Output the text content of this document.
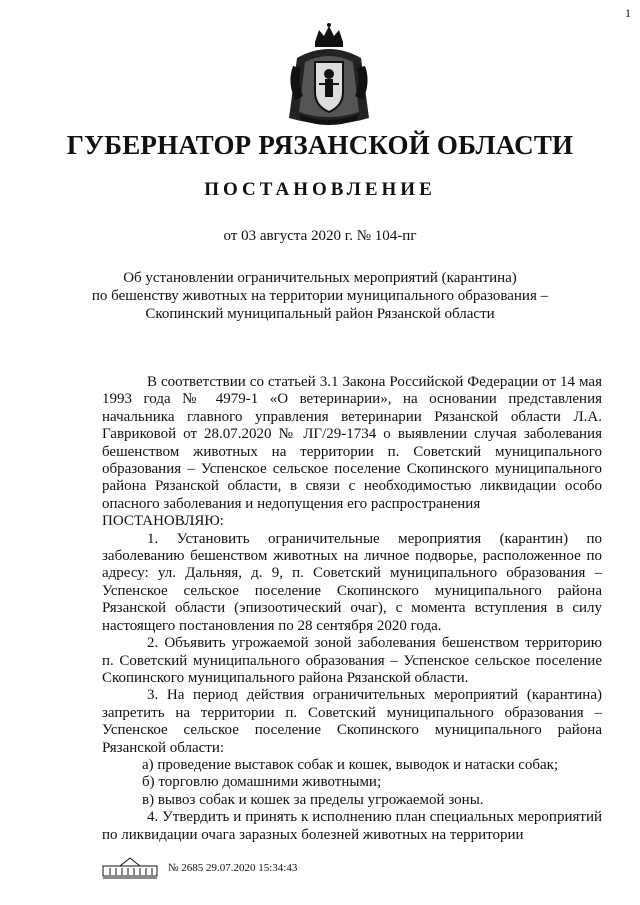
1
ГУБЕРНАТОР РЯЗАНСКОЙ ОБЛАСТИ
ПОСТАНОВЛЕНИЕ
от 03 августа 2020 г. № 104-пг
Об установлении ограничительных мероприятий (карантина)
по бешенству животных на территории муниципального образования –
Скопинский муниципальный район Рязанской области
В соответствии со статьей 3.1 Закона Российской Федерации от 14 мая 1993 года № 4979-1 «О ветеринарии», на основании представления начальника главного управления ветеринарии Рязанской области Л.А. Гавриковой от 28.07.2020 № ЛГ/29-1734 о выявлении случая заболевания бешенством животных на территории п. Советский муниципального образования – Успенское сельское поселение Скопинского муниципального района Рязанской области, в связи с необходимостью ликвидации особо опасного заболевания и недопущения его распространения
ПОСТАНОВЛЯЮ:
1. Установить ограничительные мероприятия (карантин) по заболеванию бешенством животных на личное подворье, расположенное по адресу: ул. Дальняя, д. 9, п. Советский муниципального образования – Успенское сельское поселение Скопинского муниципального района Рязанской области (эпизоотический очаг), с момента вступления в силу настоящего постановления по 28 сентября 2020 года.
2. Объявить угрожаемой зоной заболевания бешенством территорию п. Советский муниципального образования – Успенское сельское поселение Скопинского муниципального района Рязанской области.
3. На период действия ограничительных мероприятий (карантина) запретить на территории п. Советский муниципального образования – Успенское сельское поселение Скопинского муниципального района Рязанской области:
а) проведение выставок собак и кошек, выводок и натаски собак;
б) торговлю домашними животными;
в) вывоз собак и кошек за пределы угрожаемой зоны.
4. Утвердить и принять к исполнению план специальных мероприятий по ликвидации очага заразных болезней животных на территории
№ 2685 29.07.2020 15:34:43
